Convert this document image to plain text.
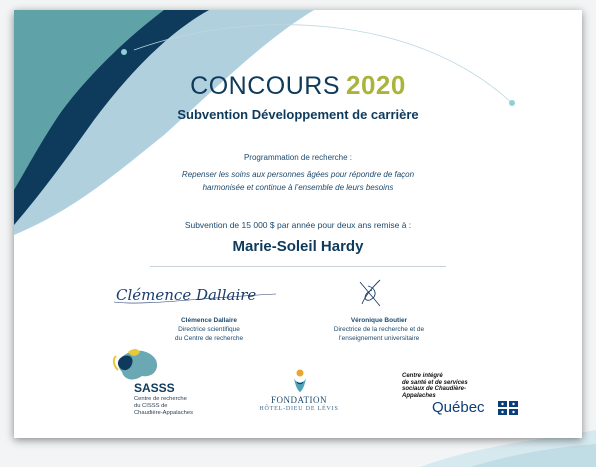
CONCOURS 2020
Subvention Développement de carrière
Programmation de recherche :
Repenser les soins aux personnes âgées pour répondre de façon
harmonisée et continue à l’ensemble de leurs besoins
Subvention de 15 000 $ par année pour deux ans remise à :
Marie-Soleil Hardy
Clémence Dallaire
Clémence Dallaire
Directrice scientifique
du Centre de recherche
Véronique Boutier
Directrice de la recherche et de
l’enseignement universitaire
SASSS
Centre de recherche
du CISSS de
Chaudière-Appalaches
FONDATION
HÔTEL-DIEU DE LÉVIS
Centre intégré
de santé et de services
sociaux de Chaudière-
Appalaches
Québec
